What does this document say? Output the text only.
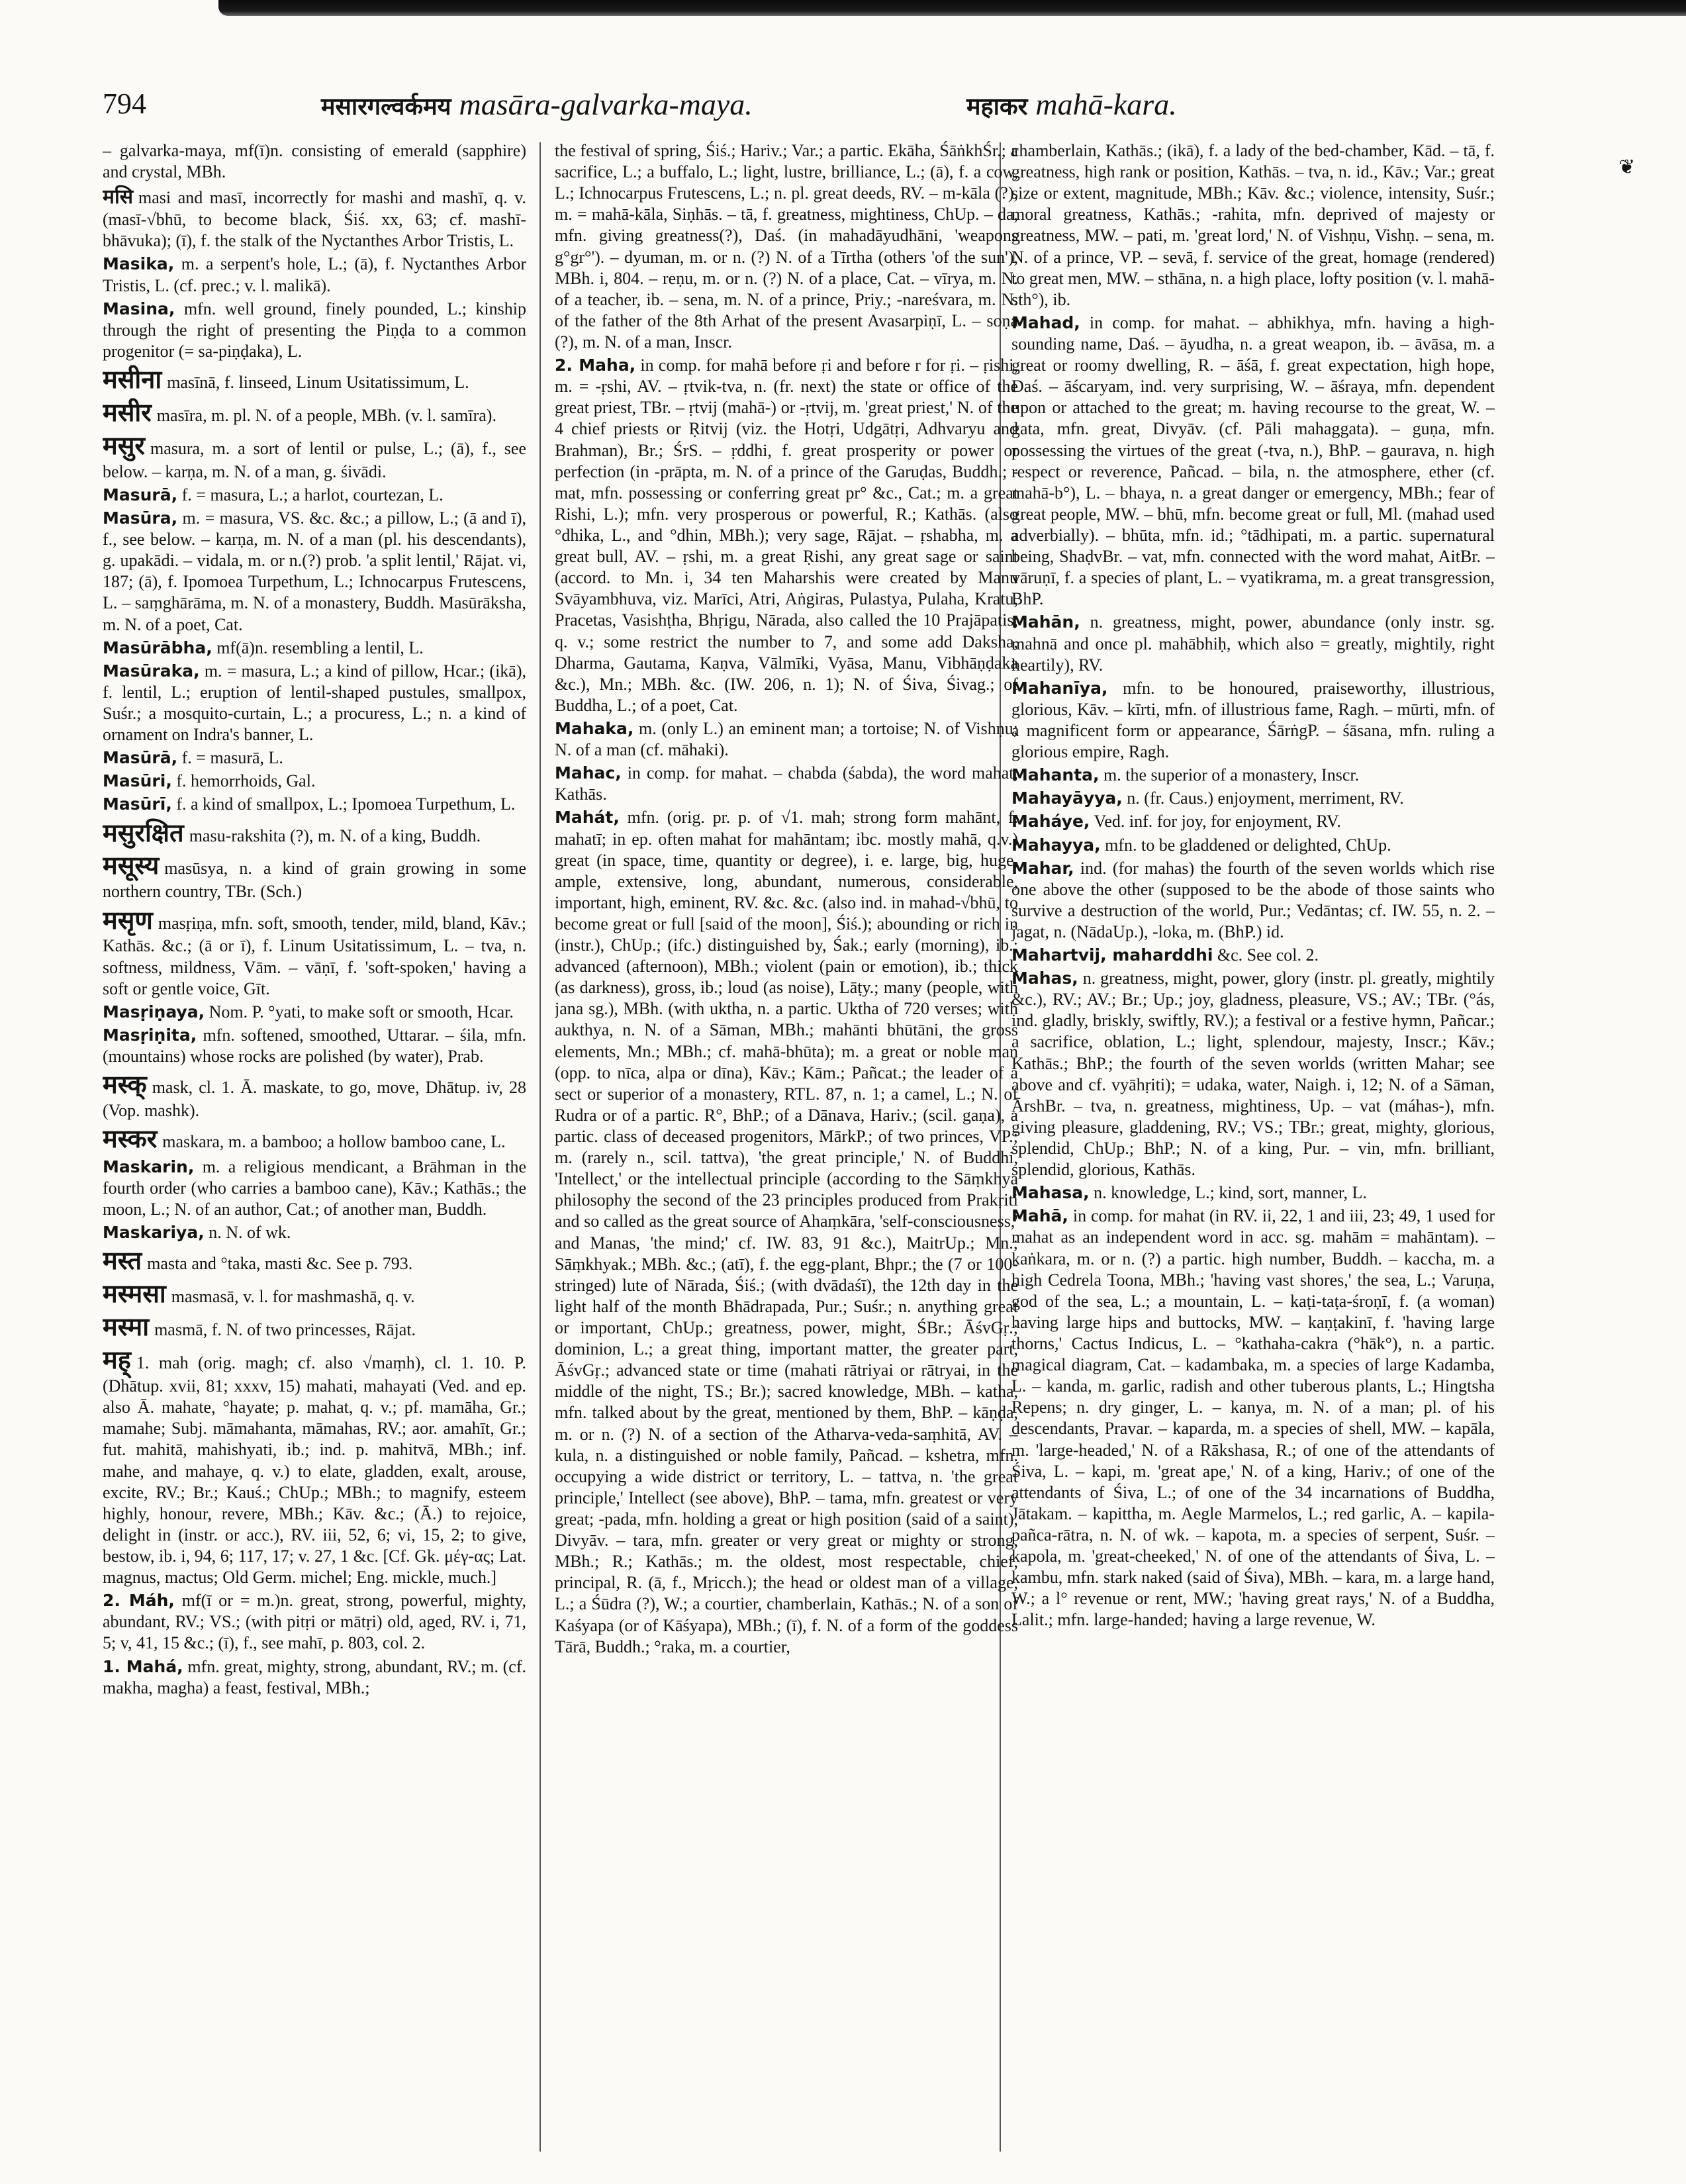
794	मसारगल्वर्कमय masāra-galvarka-maya.	महाकर mahā-kara.
❦

– galvarka-maya, mf(ī)n. consisting of emerald (sapphire) and crystal, MBh.

मसि masi and masī, incorrectly for mashi and mashī, q. v. (masī-√bhū, to become black, Śiś. xx, 63; cf. mashī-bhāvuka); (ī), f. the stalk of the Nyctanthes Arbor Tristis, L.

Masika, m. a serpent's hole, L.; (ā), f. Nyctanthes Arbor Tristis, L. (cf. prec.; v. l. malikā).

Masina, mfn. well ground, finely pounded, L.; kinship through the right of presenting the Piṇḍa to a common progenitor (= sa-piṇḍaka), L.

मसीना masīnā, f. linseed, Linum Usitatissimum, L.

मसीर masīra, m. pl. N. of a people, MBh. (v. l. samīra).

मसुर masura, m. a sort of lentil or pulse, L.; (ā), f., see below. – karṇa, m. N. of a man, g. śivādi.

Masurā, f. = masura, L.; a harlot, courtezan, L.

Masūra, m. = masura, VS. &c. &c.; a pillow, L.; (ā and ī), f., see below. – karṇa, m. N. of a man (pl. his descendants), g. upakādi. – vidala, m. or n.(?) prob. 'a split lentil,' Rājat. vi, 187; (ā), f. Ipomoea Turpethum, L.; Ichnocarpus Frutescens, L. – saṃghārāma, m. N. of a monastery, Buddh. Masūrāksha, m. N. of a poet, Cat.

Masūrābha, mf(ā)n. resembling a lentil, L.

Masūraka, m. = masura, L.; a kind of pillow, Hcar.; (ikā), f. lentil, L.; eruption of lentil-shaped pustules, smallpox, Suśr.; a mosquito-curtain, L.; a procuress, L.; n. a kind of ornament on Indra's banner, L.

Masūrā, f. = masurā, L.

Masūri, f. hemorrhoids, Gal.

Masūrī, f. a kind of smallpox, L.; Ipomoea Turpethum, L.

मसुरक्षित masu-rakshita (?), m. N. of a king, Buddh.

मसूस्य masūsya, n. a kind of grain growing in some northern country, TBr. (Sch.)

मसृण masṛiṇa, mfn. soft, smooth, tender, mild, bland, Kāv.; Kathās. &c.; (ā or ī), f. Linum Usitatissimum, L. – tva, n. softness, mildness, Vām. – vāṇī, f. 'soft-spoken,' having a soft or gentle voice, Gīt.

Masṛiṇaya, Nom. P. °yati, to make soft or smooth, Hcar.

Masṛiṇita, mfn. softened, smoothed, Uttarar. – śila, mfn. (mountains) whose rocks are polished (by water), Prab.

मस्क् mask, cl. 1. Ā. maskate, to go, move, Dhātup. iv, 28 (Vop. mashk).

मस्कर maskara, m. a bamboo; a hollow bamboo cane, L.

Maskarin, m. a religious mendicant, a Brāhman in the fourth order (who carries a bamboo cane), Kāv.; Kathās.; the moon, L.; N. of an author, Cat.; of another man, Buddh.

Maskariya, n. N. of wk.

मस्त masta and °taka, masti &c. See p. 793.

मस्मसा masmasā, v. l. for mashmashā, q. v.

मस्मा masmā, f. N. of two princesses, Rājat.

मह् 1. mah (orig. magh; cf. also √maṃh), cl. 1. 10. P. (Dhātup. xvii, 81; xxxv, 15) mahati, mahayati (Ved. and ep. also Ā. mahate, °hayate; p. mahat, q. v.; pf. mamāha, Gr.; mamahe; Subj. māmahanta, māmahas, RV.; aor. amahīt, Gr.; fut. mahitā, mahishyati, ib.; ind. p. mahitvā, MBh.; inf. mahe, and mahaye, q. v.) to elate, gladden, exalt, arouse, excite, RV.; Br.; Kauś.; ChUp.; MBh.; to magnify, esteem highly, honour, revere, MBh.; Kāv. &c.; (Ā.) to rejoice, delight in (instr. or acc.), RV. iii, 52, 6; vi, 15, 2; to give, bestow, ib. i, 94, 6; 117, 17; v. 27, 1 &c. [Cf. Gk. μέγ-ας; Lat. magnus, mactus; Old Germ. michel; Eng. mickle, much.]

2. Máh, mf(ī or = m.)n. great, strong, powerful, mighty, abundant, RV.; VS.; (with pitṛi or mātṛi) old, aged, RV. i, 71, 5; v, 41, 15 &c.; (ī), f., see mahī, p. 803, col. 2.

1. Mahá, mfn. great, mighty, strong, abundant, RV.; m. (cf. makha, magha) a feast, festival, MBh.;

the festival of spring, Śiś.; Hariv.; Var.; a partic. Ekāha, ŚāṅkhŚr.; a sacrifice, L.; a buffalo, L.; light, lustre, brilliance, L.; (ā), f. a cow, L.; Ichnocarpus Frutescens, L.; n. pl. great deeds, RV. – m-kāla (?), m. = mahā-kāla, Siṇhās. – tā, f. greatness, mightiness, ChUp. – da, mfn. giving greatness(?), Daś. (in mahadāyudhāni, 'weapons g°gr°'). – dyuman, m. or n. (?) N. of a Tīrtha (others 'of the sun'), MBh. i, 804. – reṇu, m. or n. (?) N. of a place, Cat. – vīrya, m. N. of a teacher, ib. – sena, m. N. of a prince, Priy.; -nareśvara, m. N. of the father of the 8th Arhat of the present Avasarpiṇī, L. – soṇa (?), m. N. of a man, Inscr.

2. Maha, in comp. for mahā before ṛi and before r for ṛi. – ṛishi, m. = -ṛshi, AV. – ṛtvik-tva, n. (fr. next) the state or office of the great priest, TBr. – ṛtvij (mahā-) or -ṛtvij, m. 'great priest,' N. of the 4 chief priests or Ṛitvij (viz. the Hotṛi, Udgātṛi, Adhvaryu and Brahman), Br.; ŚrS. – ṛddhi, f. great prosperity or power or perfection (in -prāpta, m. N. of a prince of the Garuḍas, Buddh.; -mat, mfn. possessing or conferring great pr° &c., Cat.; m. a great Rishi, L.); mfn. very prosperous or powerful, R.; Kathās. (also °dhika, L., and °dhin, MBh.); very sage, Rājat. – ṛshabha, m. a great bull, AV. – ṛshi, m. a great Ṛishi, any great sage or saint (accord. to Mn. i, 34 ten Maharshis were created by Manu Svāyambhuva, viz. Marīci, Atri, Aṅgiras, Pulastya, Pulaha, Kratu, Pracetas, Vasishṭha, Bhṛigu, Nārada, also called the 10 Prajāpatis, q. v.; some restrict the number to 7, and some add Daksha, Dharma, Gautama, Kaṇva, Vālmīki, Vyāsa, Manu, Vibhāṇḍaka &c.), Mn.; MBh. &c. (IW. 206, n. 1); N. of Śiva, Śivag.; of Buddha, L.; of a poet, Cat.

Mahaka, m. (only L.) an eminent man; a tortoise; N. of Vishṇu; N. of a man (cf. māhaki).

Mahac, in comp. for mahat. – chabda (śabda), the word mahat, Kathās.

Mahát, mfn. (orig. pr. p. of √1. mah; strong form mahānt, f. mahatī; in ep. often mahat for mahāntam; ibc. mostly mahā, q.v.) great (in space, time, quantity or degree), i. e. large, big, huge, ample, extensive, long, abundant, numerous, considerable, important, high, eminent, RV. &c. &c. (also ind. in mahad-√bhū, to become great or full [said of the moon], Śiś.); abounding or rich in (instr.), ChUp.; (ifc.) distinguished by, Śak.; early (morning), ib.; advanced (afternoon), MBh.; violent (pain or emotion), ib.; thick (as darkness), gross, ib.; loud (as noise), Lāṭy.; many (people, with jana sg.), MBh. (with uktha, n. a partic. Uktha of 720 verses; with aukthya, n. N. of a Sāman, MBh.; mahānti bhūtāni, the gross elements, Mn.; MBh.; cf. mahā-bhūta); m. a great or noble man (opp. to nīca, alpa or dīna), Kāv.; Kām.; Pañcat.; the leader of a sect or superior of a monastery, RTL. 87, n. 1; a camel, L.; N. of Rudra or of a partic. R°, BhP.; of a Dānava, Hariv.; (scil. gaṇa), a partic. class of deceased progenitors, MārkP.; of two princes, VP.; m. (rarely n., scil. tattva), 'the great principle,' N. of Buddhi, 'Intellect,' or the intellectual principle (according to the Sāṃkhya philosophy the second of the 23 principles produced from Prakṛiti and so called as the great source of Ahaṃkāra, 'self-consciousness,' and Manas, 'the mind;' cf. IW. 83, 91 &c.), MaitrUp.; Mn.; Sāṃkhyak.; MBh. &c.; (atī), f. the egg-plant, Bhpr.; the (7 or 100-stringed) lute of Nārada, Śiś.; (with dvādaśī), the 12th day in the light half of the month Bhādrapada, Pur.; Suśr.; n. anything great or important, ChUp.; greatness, power, might, ŚBr.; ĀśvGṛ.; dominion, L.; a great thing, important matter, the greater part, ĀśvGṛ.; advanced state or time (mahati rātriyai or rātryai, in the middle of the night, TS.; Br.); sacred knowledge, MBh. – katha, mfn. talked about by the great, mentioned by them, BhP. – kāṇḍa, m. or n. (?) N. of a section of the Atharva-veda-saṃhitā, AV. – kula, n. a distinguished or noble family, Pañcad. – kshetra, mfn. occupying a wide district or territory, L. – tattva, n. 'the great principle,' Intellect (see above), BhP. – tama, mfn. greatest or very great; -pada, mfn. holding a great or high position (said of a saint), Divyāv. – tara, mfn. greater or very great or mighty or strong, MBh.; R.; Kathās.; m. the oldest, most respectable, chief, principal, R. (ā, f., Mṛicch.); the head or oldest man of a village, L.; a Śūdra (?), W.; a courtier, chamberlain, Kathās.; N. of a son of Kaśyapa (or of Kāśyapa), MBh.; (ī), f. N. of a form of the goddess Tārā, Buddh.; °raka, m. a courtier,

chamberlain, Kathās.; (ikā), f. a lady of the bed-chamber, Kād. – tā, f. greatness, high rank or position, Kathās. – tva, n. id., Kāv.; Var.; great size or extent, magnitude, MBh.; Kāv. &c.; violence, intensity, Suśr.; moral greatness, Kathās.; -rahita, mfn. deprived of majesty or greatness, MW. – pati, m. 'great lord,' N. of Vishṇu, Vishṇ. – sena, m. N. of a prince, VP. – sevā, f. service of the great, homage (rendered) to great men, MW. – sthāna, n. a high place, lofty position (v. l. mahā-sth°), ib.

Mahad, in comp. for mahat. – abhikhya, mfn. having a high-sounding name, Daś. – āyudha, n. a great weapon, ib. – āvāsa, m. a great or roomy dwelling, R. – āśā, f. great expectation, high hope, Daś. – āścaryam, ind. very surprising, W. – āśraya, mfn. dependent upon or attached to the great; m. having recourse to the great, W. – gata, mfn. great, Divyāv. (cf. Pāli mahaggata). – guṇa, mfn. possessing the virtues of the great (-tva, n.), BhP. – gaurava, n. high respect or reverence, Pañcad. – bila, n. the atmosphere, ether (cf. mahā-b°), L. – bhaya, n. a great danger or emergency, MBh.; fear of great people, MW. – bhū, mfn. become great or full, Ml. (mahad used adverbially). – bhūta, mfn. id.; °tādhipati, m. a partic. supernatural being, ShaḍvBr. – vat, mfn. connected with the word mahat, AitBr. – vāruṇī, f. a species of plant, L. – vyatikrama, m. a great transgression, BhP.

Mahān, n. greatness, might, power, abundance (only instr. sg. mahnā and once pl. mahābhiḥ, which also = greatly, mightily, right heartily), RV.

Mahanīya, mfn. to be honoured, praiseworthy, illustrious, glorious, Kāv. – kīrti, mfn. of illustrious fame, Ragh. – mūrti, mfn. of a magnificent form or appearance, ŚārṅgP. – śāsana, mfn. ruling a glorious empire, Ragh.

Mahanta, m. the superior of a monastery, Inscr.

Mahayāyya, n. (fr. Caus.) enjoyment, merriment, RV.

Maháye, Ved. inf. for joy, for enjoyment, RV.

Mahayya, mfn. to be gladdened or delighted, ChUp.

Mahar, ind. (for mahas) the fourth of the seven worlds which rise one above the other (supposed to be the abode of those saints who survive a destruction of the world, Pur.; Vedāntas; cf. IW. 55, n. 2. – jagat, n. (NādaUp.), -loka, m. (BhP.) id.

Mahartvij, maharddhi &c. See col. 2.

Mahas, n. greatness, might, power, glory (instr. pl. greatly, mightily &c.), RV.; AV.; Br.; Up.; joy, gladness, pleasure, VS.; AV.; TBr. (°ás, ind. gladly, briskly, swiftly, RV.); a festival or a festive hymn, Pañcar.; a sacrifice, oblation, L.; light, splendour, majesty, Inscr.; Kāv.; Kathās.; BhP.; the fourth of the seven worlds (written Mahar; see above and cf. vyāhṛiti); = udaka, water, Naigh. i, 12; N. of a Sāman, ĀrshBr. – tva, n. greatness, mightiness, Up. – vat (máhas-), mfn. giving pleasure, gladdening, RV.; VS.; TBr.; great, mighty, glorious, splendid, ChUp.; BhP.; N. of a king, Pur. – vin, mfn. brilliant, splendid, glorious, Kathās.

Mahasa, n. knowledge, L.; kind, sort, manner, L.

Mahā, in comp. for mahat (in RV. ii, 22, 1 and iii, 23; 49, 1 used for mahat as an independent word in acc. sg. mahām = mahāntam). – kaṅkara, m. or n. (?) a partic. high number, Buddh. – kaccha, m. a high Cedrela Toona, MBh.; 'having vast shores,' the sea, L.; Varuṇa, god of the sea, L.; a mountain, L. – kaṭi-taṭa-śroṇī, f. (a woman) having large hips and buttocks, MW. – kaṇṭakinī, f. 'having large thorns,' Cactus Indicus, L. – °kathaha-cakra (°hāk°), n. a partic. magical diagram, Cat. – kadambaka, m. a species of large Kadamba, L. – kanda, m. garlic, radish and other tuberous plants, L.; Hingtsha Repens; n. dry ginger, L. – kanya, m. N. of a man; pl. of his descendants, Pravar. – kaparda, m. a species of shell, MW. – kapāla, m. 'large-headed,' N. of a Rākshasa, R.; of one of the attendants of Śiva, L. – kapi, m. 'great ape,' N. of a king, Hariv.; of one of the attendants of Śiva, L.; of one of the 34 incarnations of Buddha, Jātakam. – kapittha, m. Aegle Marmelos, L.; red garlic, A. – kapila-pañca-rātra, n. N. of wk. – kapota, m. a species of serpent, Suśr. – kapola, m. 'great-cheeked,' N. of one of the attendants of Śiva, L. – kambu, mfn. stark naked (said of Śiva), MBh. – kara, m. a large hand, W.; a l° revenue or rent, MW.; 'having great rays,' N. of a Buddha, Lalit.; mfn. large-handed; having a large revenue, W.
